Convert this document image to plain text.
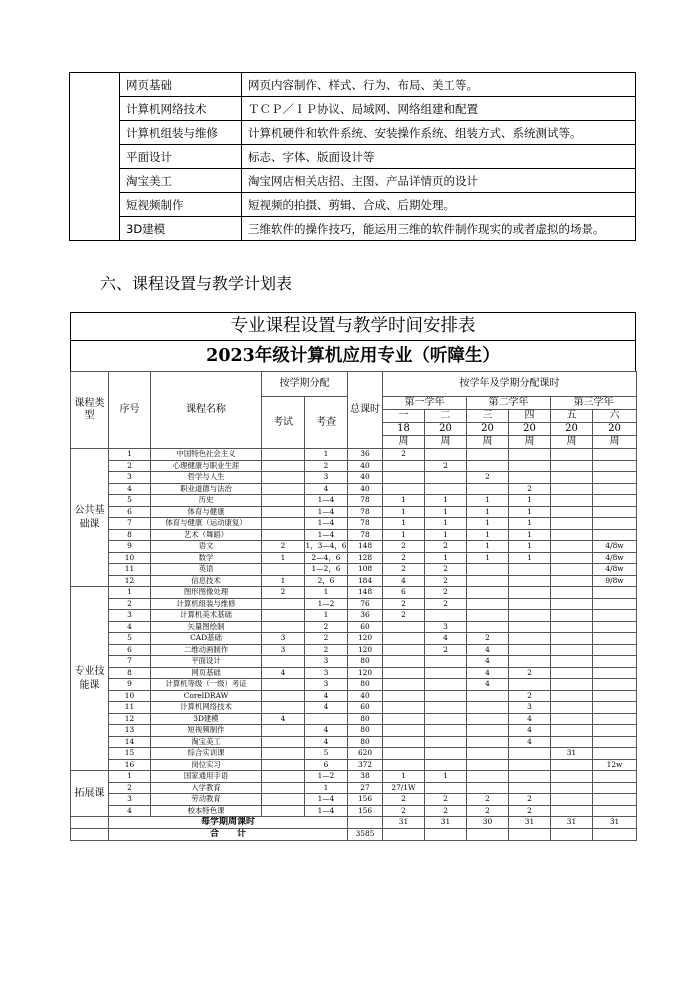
	网页基础	网页内容制作、样式、行为、布局、美工等。
	计算机网络技术	ＴＣＰ／ＩＰ协议、局域网、网络组建和配置
	计算机组装与维修	计算机硬件和软件系统、安装操作系统、组装方式、系统测试等。
	平面设计	标志、字体、版面设计等
	淘宝美工	淘宝网店相关店招、主图、产品详情页的设计
	短视频制作	短视频的拍摄、剪辑、合成、后期处理。
	3D建模	三维软件的操作技巧，能运用三维的软件制作现实的或者虚拟的场景。
六、课程设置与教学计划表
专业课程设置与教学时间安排表
2023年级计算机应用专业（听障生）
课程类型	序号	课程名称	按学期分配		总课时	按学年及学期分配课时					
			考试	考查		第一学年		第二学年		第三学年	
						一	二	三	四	五	六
						18	20	20	20	20	20
						周	周	周	周	周	周
公共基础课	1	中国特色社会主义		1	36	2					
	2	心理健康与职业生涯		2	40		2				
	3	哲学与人生		3	40			2			
	4	职业道德与法治		4	40				2		
	5	历史		1—4	78	1	1	1	1		
	6	体育与健康		1—4	78	1	1	1	1		
	7	体育与健康（运动康复）		1—4	78	1	1	1	1		
	8	艺术（舞蹈）		1—4	78	1	1	1	1		
	9	语文	2	1，3—4，6	148	2	2	1	1		4/8w
	10	数学	1	2—4，6	128	2	1	1	1		4/8w
	11	英语		1—2，6	108	2	2				4/8w
	12	信息技术	1	2，6	184	4	2				9/8w
专业技能课	1	图形图像处理	2	1	148	6	2				
	2	计算机组装与维修		1—2	76	2	2				
	3	计算机美术基础		1	36	2					
	4	矢量图绘制		2	60		3				
	5	CAD基础	3	2	120		4	2			
	6	二维动画制作	3	2	120		2	4			
	7	平面设计		3	80			4			
	8	网页基础	4	3	120			4	2		
	9	计算机等级（一级）考证		3	80			4			
	10	CorelDRAW		4	40				2		
	11	计算机网络技术		4	60				3		
	12	3D建模	4		80				4		
	13	短视频制作		4	80				4		
	14	淘宝美工		4	80				4		
	15	综合实训课		5	620					31	
	16	岗位实习		6	372						12w
拓展课	1	国家通用手语		1—2	38	1	1				
	2	入学教育		1	27	27/1W					
	3	劳动教育		1—4	156	2	2	2	2		
	4	校本特色课		1—4	156	2	2	2	2		
	每学期周课时					31	31	30	31	31	31
	合　　计				3585						
